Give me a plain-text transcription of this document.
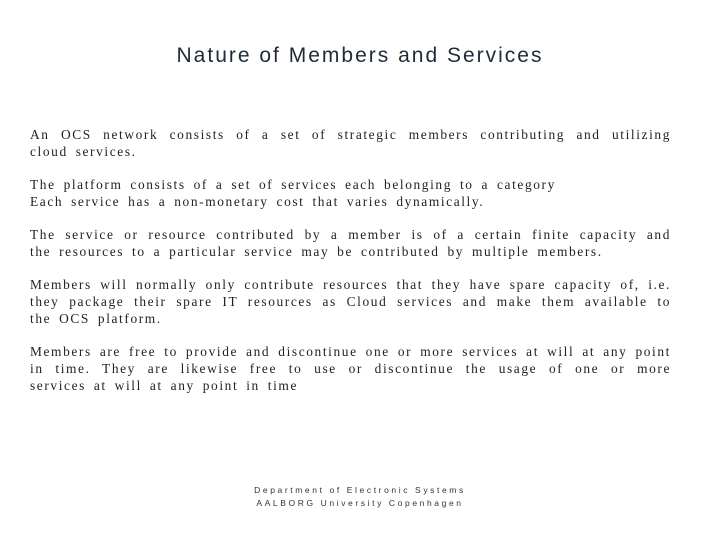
Nature of Members and Services

An OCS network consists of a set of strategic members contributing and utilizing cloud services.

The platform consists of a set of services each belonging to a category
Each service has a non-monetary cost that varies dynamically.

The service or resource contributed by a member is of a certain finite capacity and the resources to a particular service may be contributed by multiple members.

Members will normally only contribute resources that they have spare capacity of, i.e. they package their spare IT resources as Cloud services and make them available to the OCS platform.

Members are free to provide and discontinue one or more services at will at any point in time. They are likewise free to use or discontinue the usage of one or more services at will at any point in time

Department of Electronic Systems
AALBORG University Copenhagen
